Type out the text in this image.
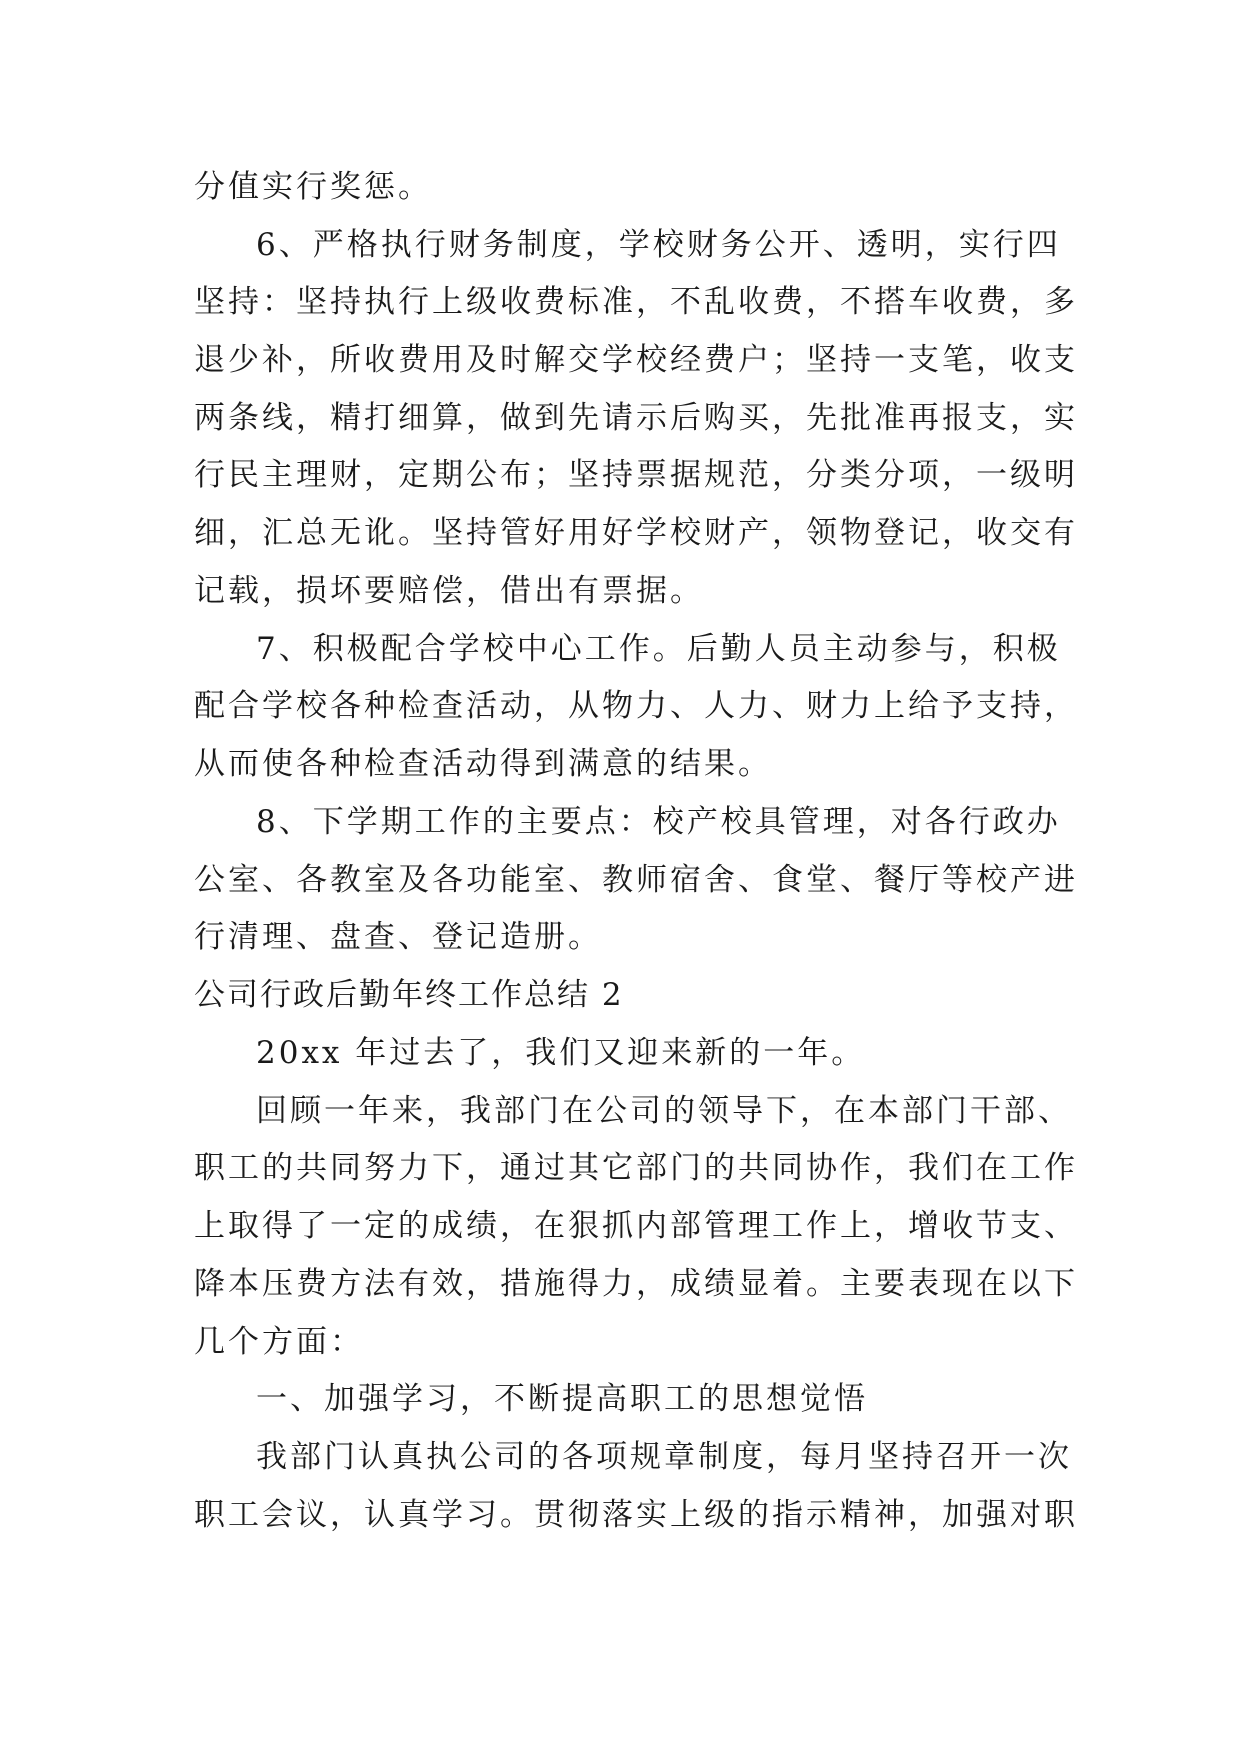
分值实行奖惩。
6、严格执行财务制度，学校财务公开、透明，实行四
坚持：坚持执行上级收费标准，不乱收费，不搭车收费，多
退少补，所收费用及时解交学校经费户；坚持一支笔，收支
两条线，精打细算，做到先请示后购买，先批准再报支，实
行民主理财，定期公布；坚持票据规范，分类分项，一级明
细，汇总无讹。坚持管好用好学校财产，领物登记，收交有
记载，损坏要赔偿，借出有票据。
7、积极配合学校中心工作。后勤人员主动参与，积极
配合学校各种检查活动，从物力、人力、财力上给予支持，
从而使各种检查活动得到满意的结果。
8、下学期工作的主要点：校产校具管理，对各行政办
公室、各教室及各功能室、教师宿舍、食堂、餐厅等校产进
行清理、盘查、登记造册。
公司行政后勤年终工作总结 2
20xx 年过去了，我们又迎来新的一年。
回顾一年来，我部门在公司的领导下，在本部门干部、
职工的共同努力下，通过其它部门的共同协作，我们在工作
上取得了一定的成绩，在狠抓内部管理工作上，增收节支、
降本压费方法有效，措施得力，成绩显着。主要表现在以下
几个方面：
一、加强学习，不断提高职工的思想觉悟
我部门认真执公司的各项规章制度，每月坚持召开一次
职工会议，认真学习。贯彻落实上级的指示精神，加强对职
